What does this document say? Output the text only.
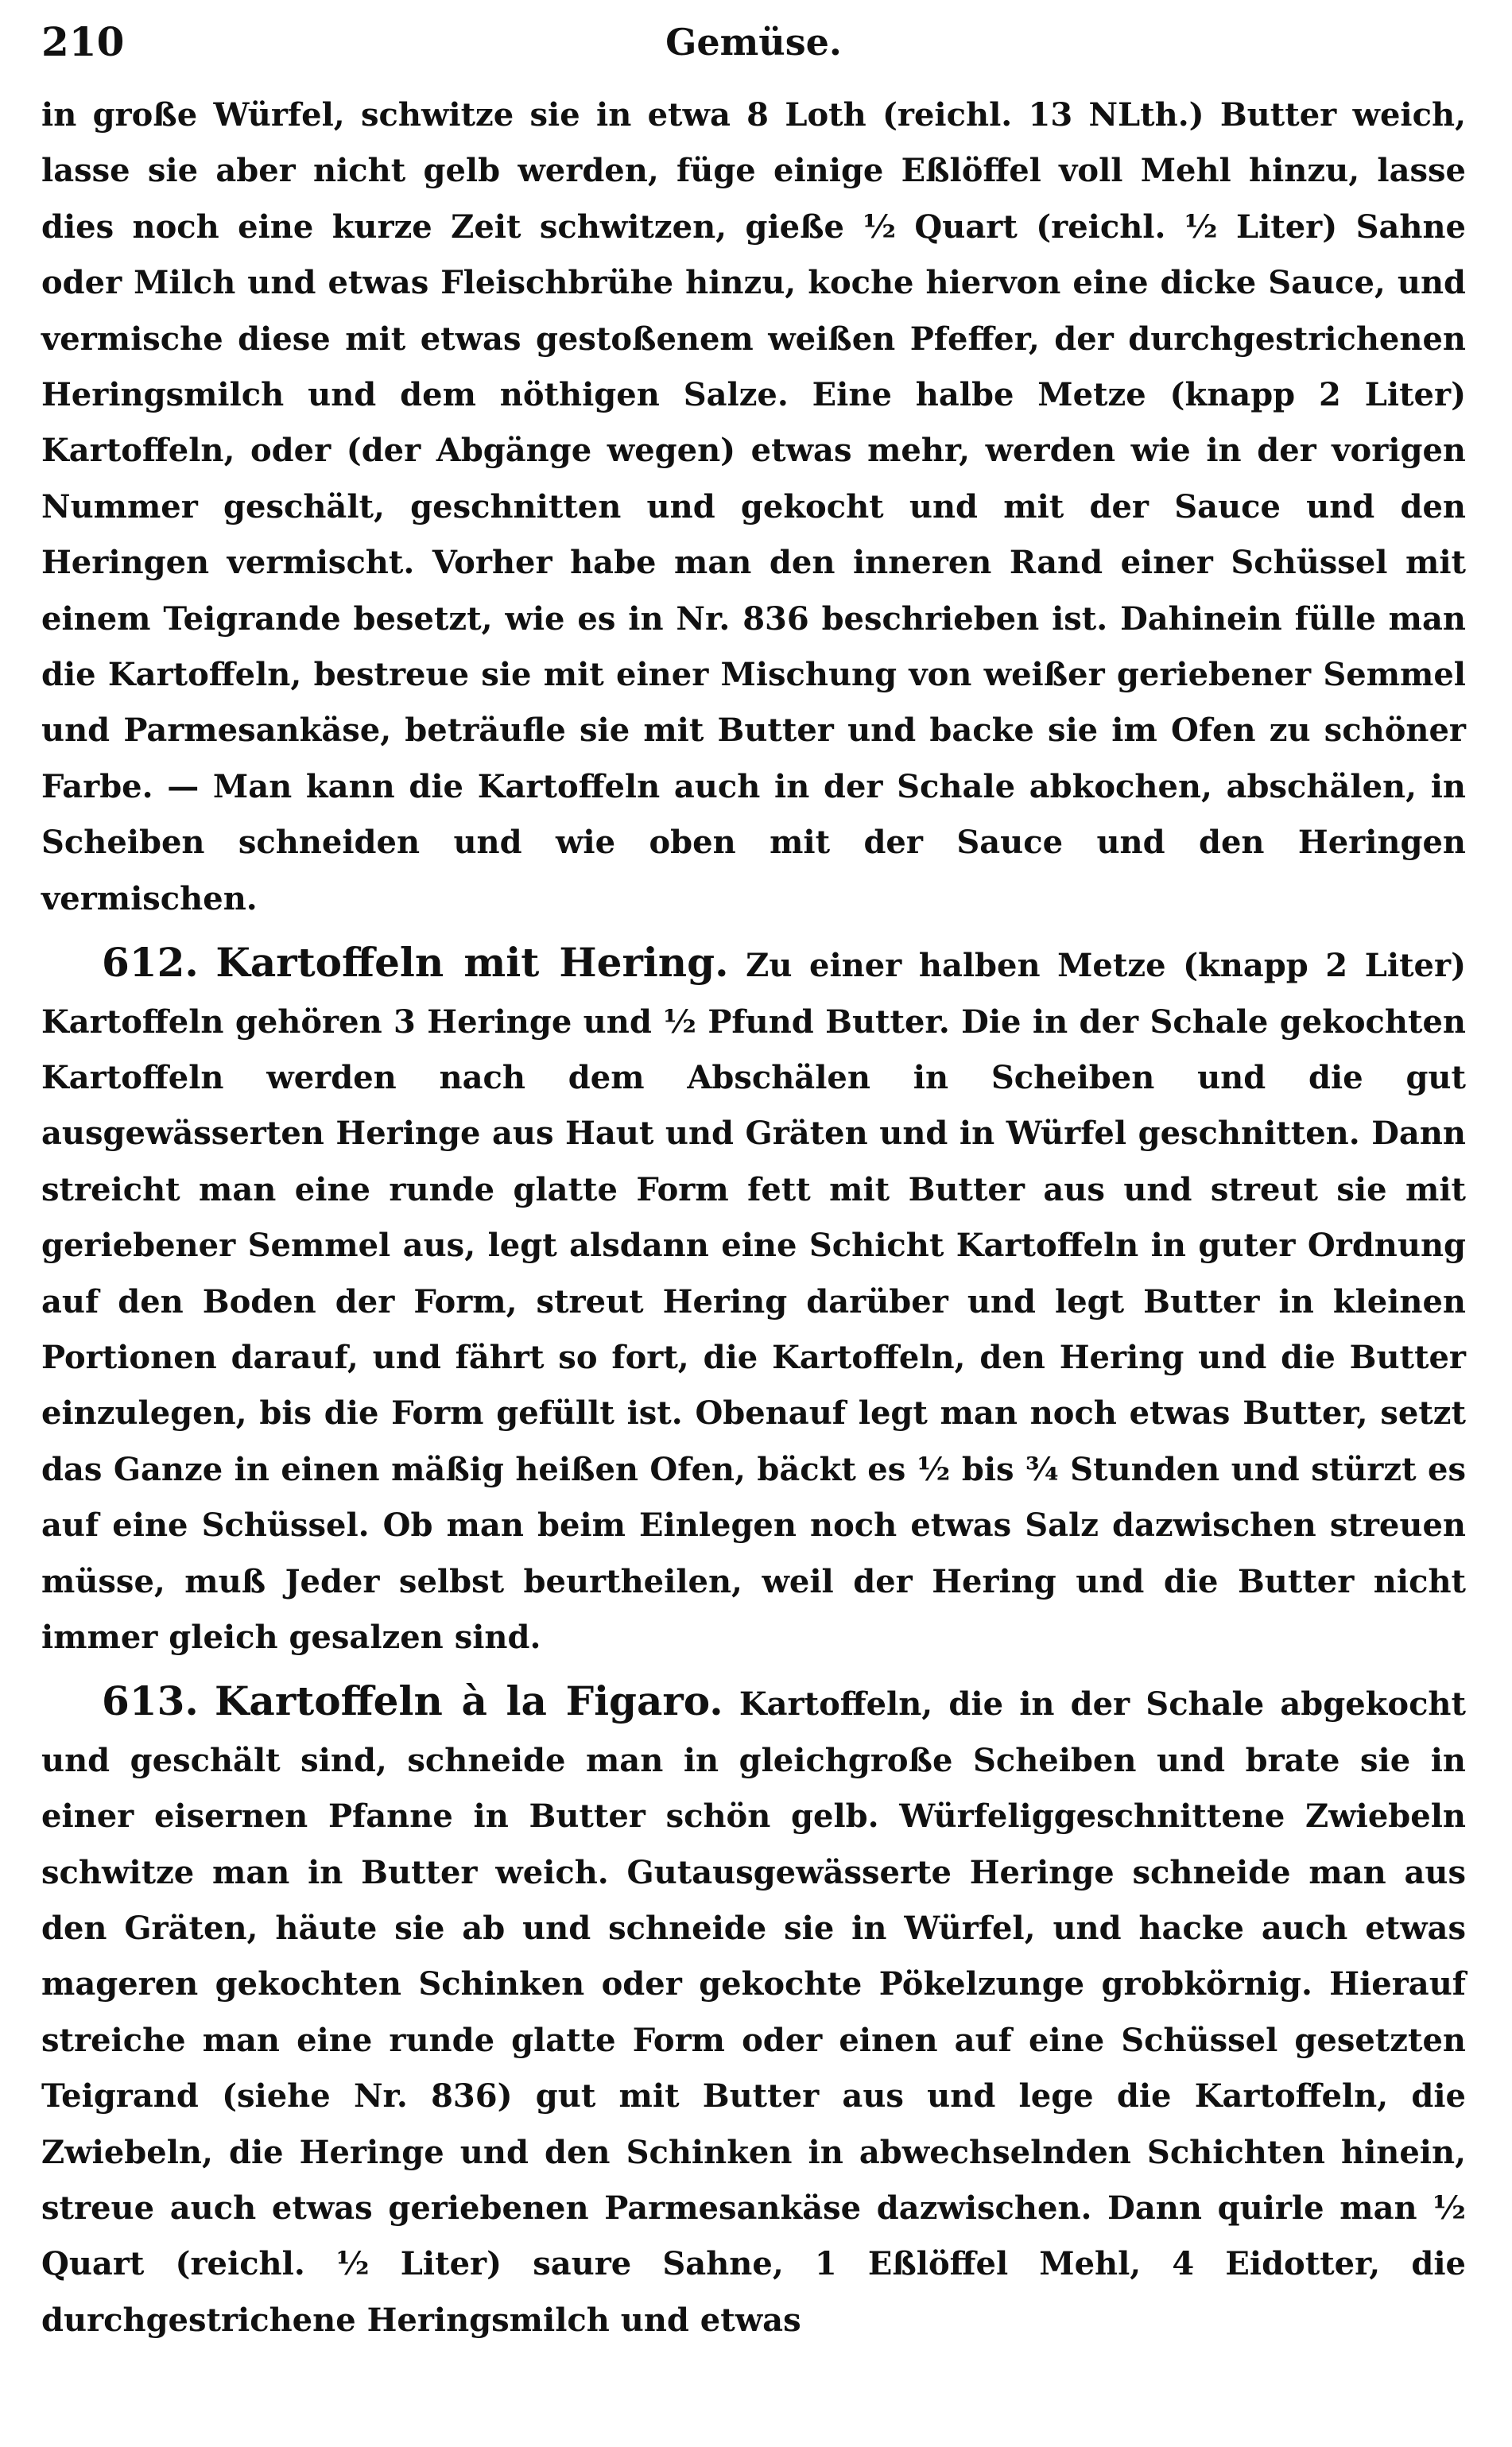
210	Gemüse.

in große Würfel, schwitze sie in etwa 8 Loth (reichl. 13 NLth.) Butter weich, lasse sie aber nicht gelb werden, füge einige Eßlöffel voll Mehl hinzu, lasse dies noch eine kurze Zeit schwitzen, gieße ½ Quart (reichl. ½ Liter) Sahne oder Milch und etwas Fleischbrühe hinzu, koche hiervon eine dicke Sauce, und vermische diese mit etwas gestoßenem weißen Pfeffer, der durchgestrichenen Heringsmilch und dem nöthigen Salze. Eine halbe Metze (knapp 2 Liter) Kartoffeln, oder (der Abgänge wegen) etwas mehr, werden wie in der vorigen Nummer geschält, geschnitten und gekocht und mit der Sauce und den Heringen vermischt. Vorher habe man den inneren Rand einer Schüssel mit einem Teigrande besetzt, wie es in Nr. 836 beschrieben ist. Dahinein fülle man die Kartoffeln, bestreue sie mit einer Mischung von weißer geriebener Semmel und Parmesankäse, beträufle sie mit Butter und backe sie im Ofen zu schöner Farbe. — Man kann die Kartoffeln auch in der Schale abkochen, abschälen, in Scheiben schneiden und wie oben mit der Sauce und den Heringen vermischen.

612. Kartoffeln mit Hering. Zu einer halben Metze (knapp 2 Liter) Kartoffeln gehören 3 Heringe und ½ Pfund Butter. Die in der Schale gekochten Kartoffeln werden nach dem Abschälen in Scheiben und die gut ausgewässerten Heringe aus Haut und Gräten und in Würfel geschnitten. Dann streicht man eine runde glatte Form fett mit Butter aus und streut sie mit geriebener Semmel aus, legt alsdann eine Schicht Kartoffeln in guter Ordnung auf den Boden der Form, streut Hering darüber und legt Butter in kleinen Portionen darauf, und fährt so fort, die Kartoffeln, den Hering und die Butter einzulegen, bis die Form gefüllt ist. Obenauf legt man noch etwas Butter, setzt das Ganze in einen mäßig heißen Ofen, bäckt es ½ bis ¾ Stunden und stürzt es auf eine Schüssel. Ob man beim Einlegen noch etwas Salz dazwischen streuen müsse, muß Jeder selbst beurtheilen, weil der Hering und die Butter nicht immer gleich gesalzen sind.

613. Kartoffeln à la Figaro. Kartoffeln, die in der Schale abgekocht und geschält sind, schneide man in gleichgroße Scheiben und brate sie in einer eisernen Pfanne in Butter schön gelb. Würfeliggeschnittene Zwiebeln schwitze man in Butter weich. Gutausgewässerte Heringe schneide man aus den Gräten, häute sie ab und schneide sie in Würfel, und hacke auch etwas mageren gekochten Schinken oder gekochte Pökelzunge grobkörnig. Hierauf streiche man eine runde glatte Form oder einen auf eine Schüssel gesetzten Teigrand (siehe Nr. 836) gut mit Butter aus und lege die Kartoffeln, die Zwiebeln, die Heringe und den Schinken in abwechselnden Schichten hinein, streue auch etwas geriebenen Parmesankäse dazwischen. Dann quirle man ½ Quart (reichl. ½ Liter) saure Sahne, 1 Eßlöffel Mehl, 4 Eidotter, die durchgestrichene Heringsmilch und etwas
